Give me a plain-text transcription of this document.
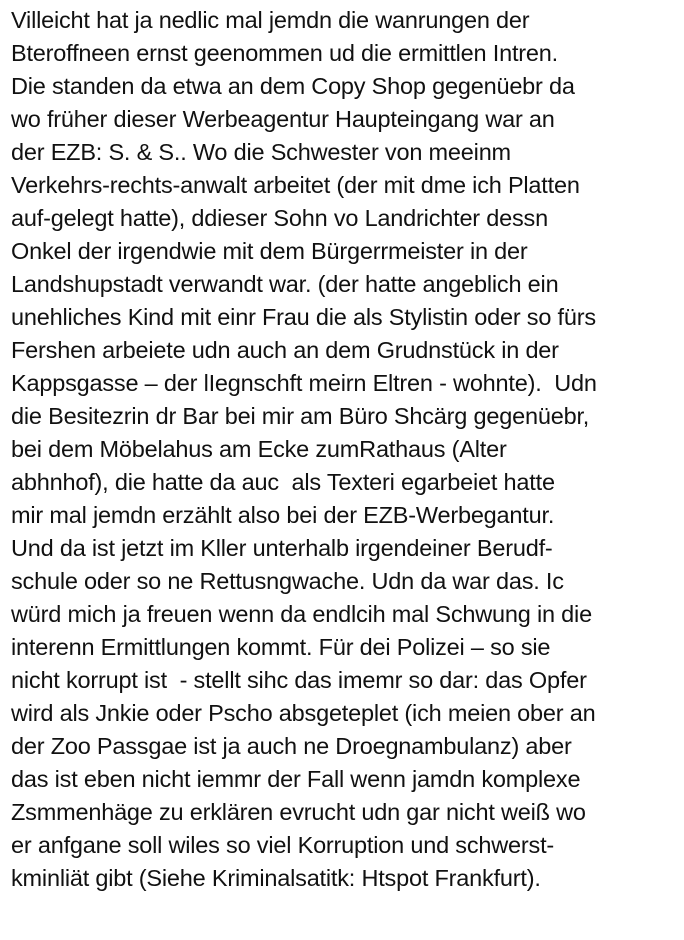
Villeicht hat ja nedlic mal jemdn die wanrungen der
Bteroffneen ernst geenommen ud die ermittlen Intren.
Die standen da etwa an dem Copy Shop gegenüebr da
wo früher dieser Werbeagentur Haupteingang war an
der EZB: S. & S.. Wo die Schwester von meeinm
Verkehrs-rechts-anwalt arbeitet (der mit dme ich Platten
auf-gelegt hatte), ddieser Sohn vo Landrichter dessn
Onkel der irgendwie mit dem Bürgerrmeister in der
Landshupstadt verwandt war. (der hatte angeblich ein
unehliches Kind mit einr Frau die als Stylistin oder so fürs
Fershen arbeiete udn auch an dem Grudnstück in der
Kappsgasse – der lIegnschft meirn Eltren - wohnte).  Udn
die Besitezrin dr Bar bei mir am Büro Shcärg gegenüebr,
bei dem Möbelahus am Ecke zumRathaus (Alter
abhnhof), die hatte da auc  als Texteri egarbeiet hatte
mir mal jemdn erzählt also bei der EZB-Werbegantur.
Und da ist jetzt im Kller unterhalb irgendeiner Berudf-
schule oder so ne Rettusngwache. Udn da war das. Ic
würd mich ja freuen wenn da endlcih mal Schwung in die
interenn Ermittlungen kommt. Für dei Polizei – so sie
nicht korrupt ist  - stellt sihc das imemr so dar: das Opfer
wird als Jnkie oder Pscho absgeteplet (ich meien ober an
der Zoo Passgae ist ja auch ne Droegnambulanz) aber
das ist eben nicht iemmr der Fall wenn jamdn komplexe
Zsmmenhäge zu erklären evrucht udn gar nicht weiß wo
er anfgane soll wiles so viel Korruption und schwerst-
kminliät gibt (Siehe Kriminalsatitk: Htspot Frankfurt).
